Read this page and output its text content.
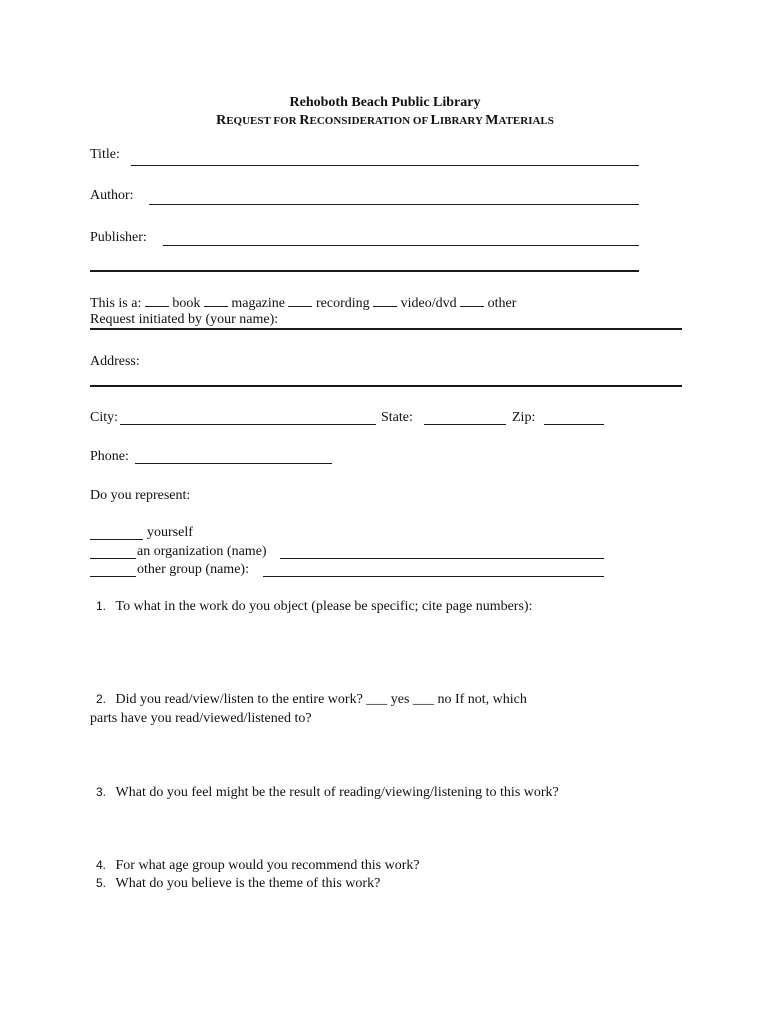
Rehoboth Beach Public Library
REQUEST FOR RECONSIDERATION OF LIBRARY MATERIALS
Title:
Author:
Publisher:
This is a: book magazine recording video/dvd other
Request initiated by (your name):
Address:
City:	State:	Zip:
Phone:
Do you represent:
yourself
an organization (name)
other group (name):
1. To what in the work do you object (please be specific; cite page numbers):
2. Did you read/view/listen to the entire work? ___ yes ___ no If not, which
parts have you read/viewed/listened to?
3. What do you feel might be the result of reading/viewing/listening to this work?
4. For what age group would you recommend this work?
5. What do you believe is the theme of this work?
